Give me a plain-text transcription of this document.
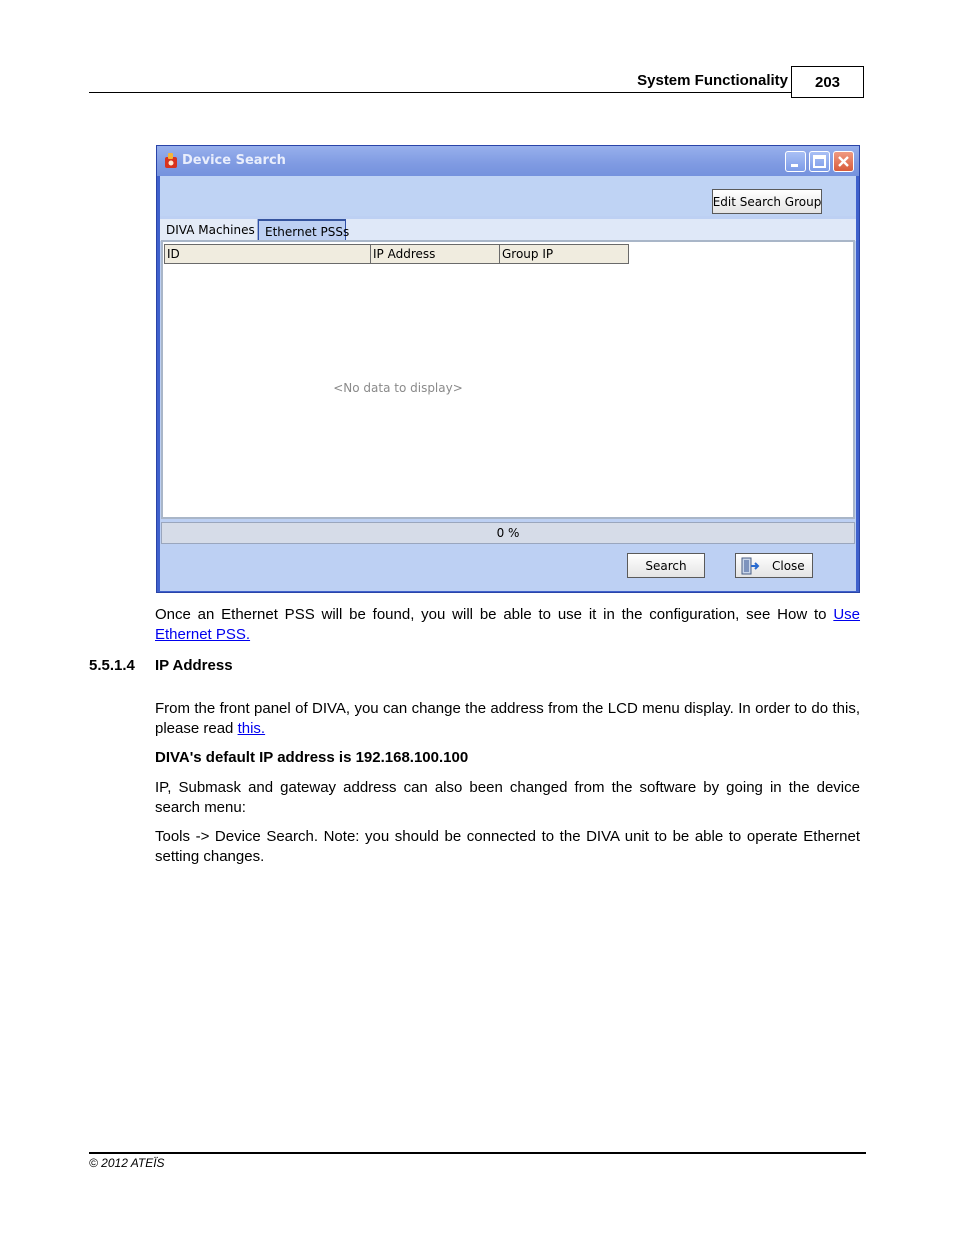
System Functionality	203
Device Search
Edit Search Group
DIVA Machines Ethernet PSSs
ID	IP Address	Group IP
<No data to display>
0 %
Search	Close
Once an Ethernet PSS will be found, you will be able to use it in the configuration, see How to Use Ethernet PSS.
5.5.1.4 IP Address
From the front panel of DIVA, you can change the address from the LCD menu display. In order to do this, please read this.
DIVA's default IP address is 192.168.100.100
IP, Submask and gateway address can also been changed from the software by going in the device search menu:
Tools -> Device Search. Note: you should be connected to the DIVA unit to be able to operate Ethernet setting changes.
© 2012 ATEÏS
